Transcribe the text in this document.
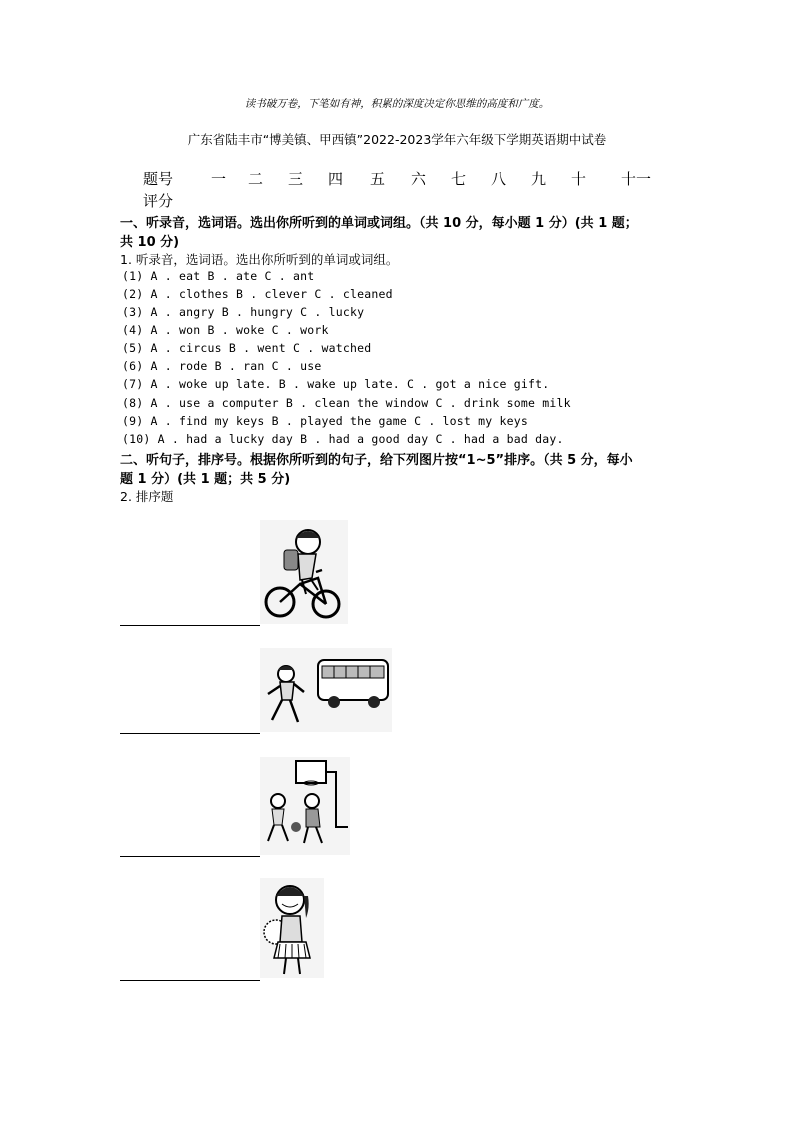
读书破万卷，下笔如有神，积累的深度决定你思维的高度和广度。
广东省陆丰市“博美镇、甲西镇”2022-2023学年六年级下学期英语期中试卷
题号	一 二 三 四 五 六 七 八 九 十 十一
评分
一、听录音，选词语。选出你所听到的单词或词组。（共 10 分，每小题 1 分）(共 1 题；
共 10 分)
1. 听录音，选词语。选出你所听到的单词或词组。
(1) A . eat B . ate C . ant
(2) A . clothes B . clever C . cleaned
(3) A . angry B . hungry C . lucky
(4) A . won B . woke C . work
(5) A . circus B . went C . watched
(6) A . rode B . ran C . use
(7) A . woke up late. B . wake up late. C . got a nice gift.
(8) A . use a computer B . clean the window C . drink some milk
(9) A . find my keys B . played the game C . lost my keys
(10) A . had a lucky day B . had a good day C . had a bad day.
二、听句子，排序号。根据你所听到的句子，给下列图片按“1~5”排序。（共 5 分，每小
题 1 分）(共 1 题；共 5 分)
2. 排序题
